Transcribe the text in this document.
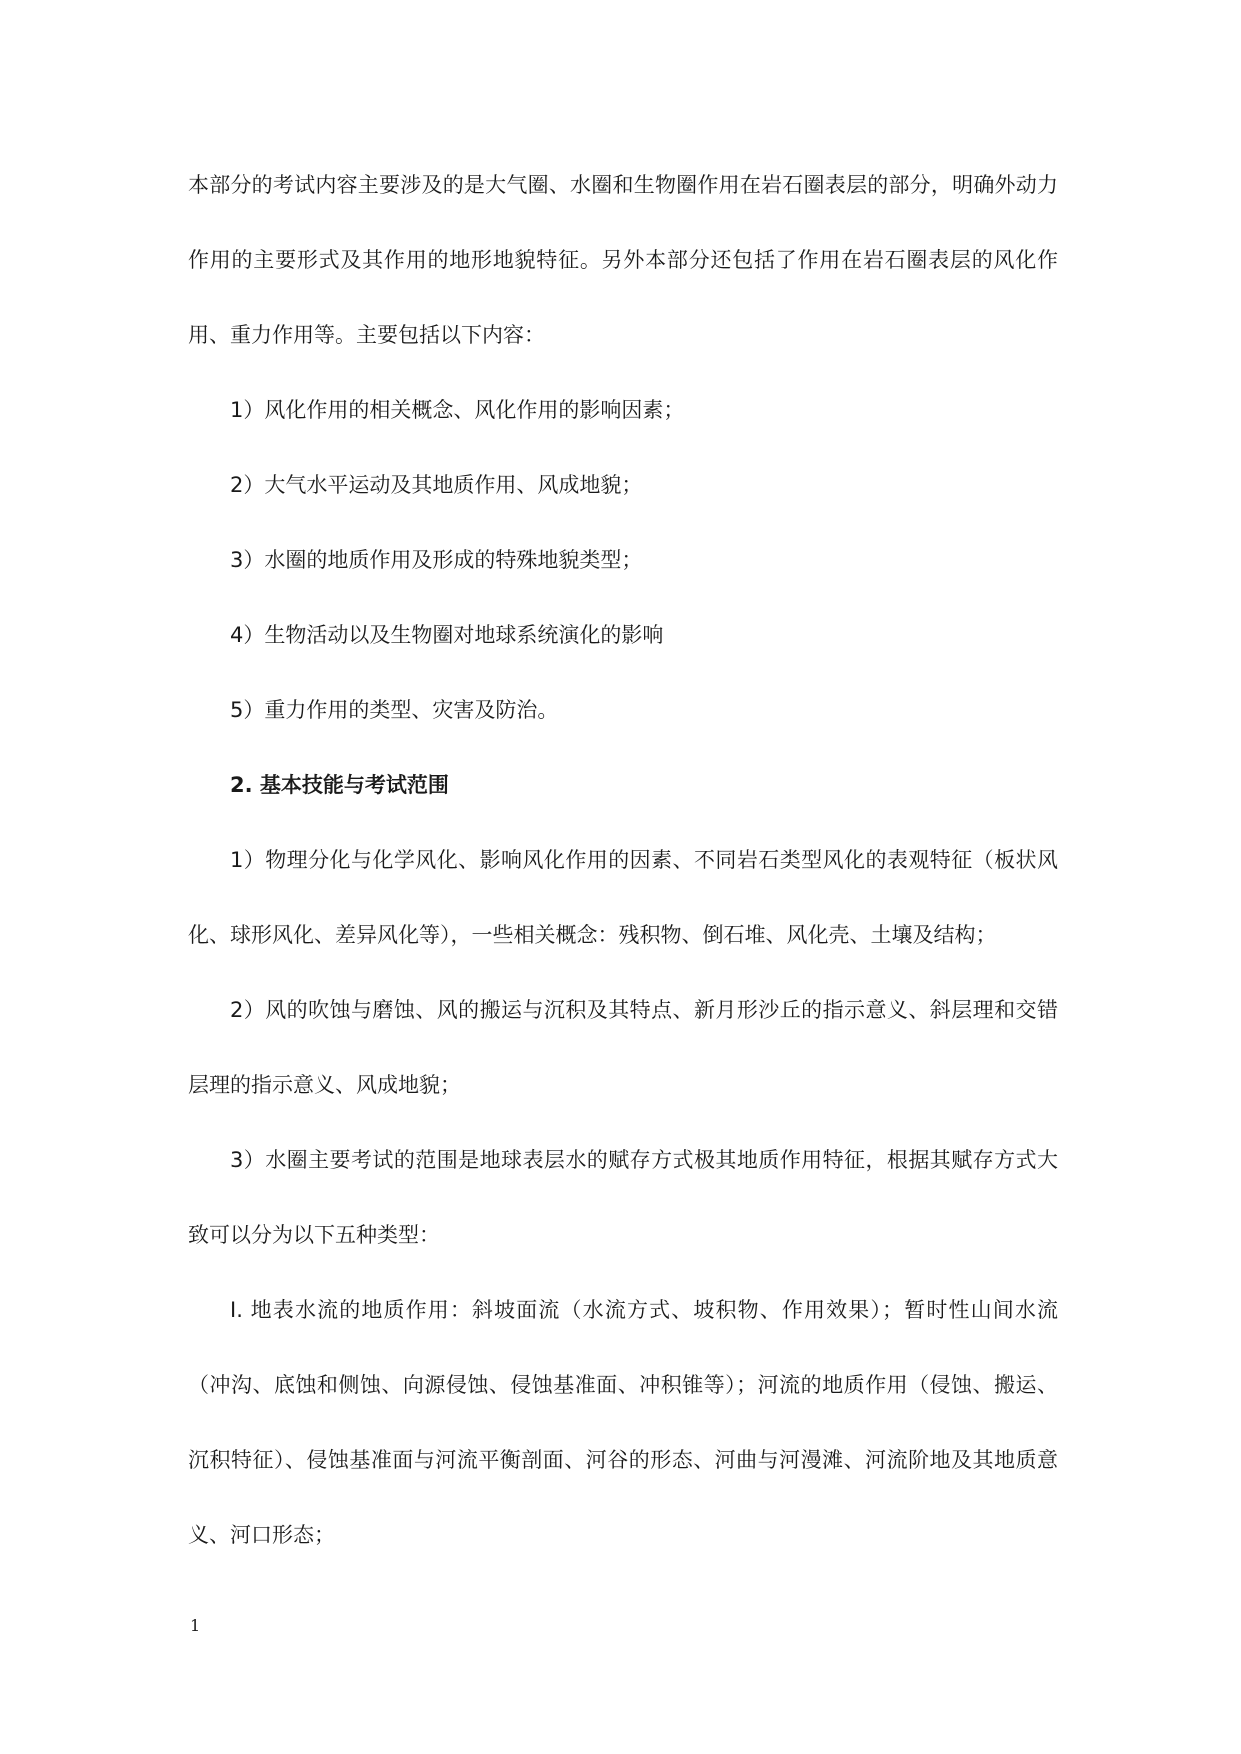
本部分的考试内容主要涉及的是大气圈、水圈和生物圈作用在岩石圈表层的部分，明确外动力作用的主要形式及其作用的地形地貌特征。另外本部分还包括了作用在岩石圈表层的风化作用、重力作用等。主要包括以下内容：

1）风化作用的相关概念、风化作用的影响因素；

2）大气水平运动及其地质作用、风成地貌；

3）水圈的地质作用及形成的特殊地貌类型；

4）生物活动以及生物圈对地球系统演化的影响

5）重力作用的类型、灾害及防治。

2. 基本技能与考试范围

1）物理分化与化学风化、影响风化作用的因素、不同岩石类型风化的表观特征（板状风化、球形风化、差异风化等），一些相关概念：残积物、倒石堆、风化壳、土壤及结构；

2）风的吹蚀与磨蚀、风的搬运与沉积及其特点、新月形沙丘的指示意义、斜层理和交错层理的指示意义、风成地貌；

3）水圈主要考试的范围是地球表层水的赋存方式极其地质作用特征，根据其赋存方式大致可以分为以下五种类型：

I. 地表水流的地质作用：斜坡面流（水流方式、坡积物、作用效果）；暂时性山间水流（冲沟、底蚀和侧蚀、向源侵蚀、侵蚀基准面、冲积锥等）；河流的地质作用（侵蚀、搬运、沉积特征）、侵蚀基准面与河流平衡剖面、河谷的形态、河曲与河漫滩、河流阶地及其地质意义、河口形态；

1
